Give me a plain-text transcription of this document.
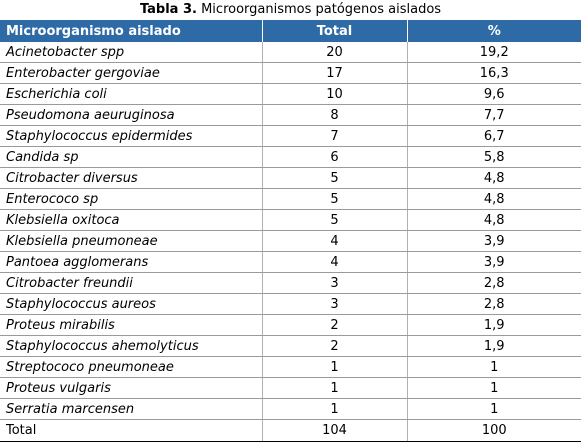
Tabla 3. Microorganismos patógenos aislados
Microorganismo aislado	Total	%
Acinetobacter spp	20	19,2
Enterobacter gergoviae	17	16,3
Escherichia coli	10	9,6
Pseudomona aeuruginosa	8	7,7
Staphylococcus epidermides	7	6,7
Candida sp	6	5,8
Citrobacter diversus	5	4,8
Enterococo sp	5	4,8
Klebsiella oxitoca	5	4,8
Klebsiella pneumoneae	4	3,9
Pantoea agglomerans	4	3,9
Citrobacter freundii	3	2,8
Staphylococcus aureos	3	2,8
Proteus mirabilis	2	1,9
Staphylococcus ahemolyticus	2	1,9
Streptococo pneumoneae	1	1
Proteus vulgaris	1	1
Serratia marcensen	1	1
Total	104	100
